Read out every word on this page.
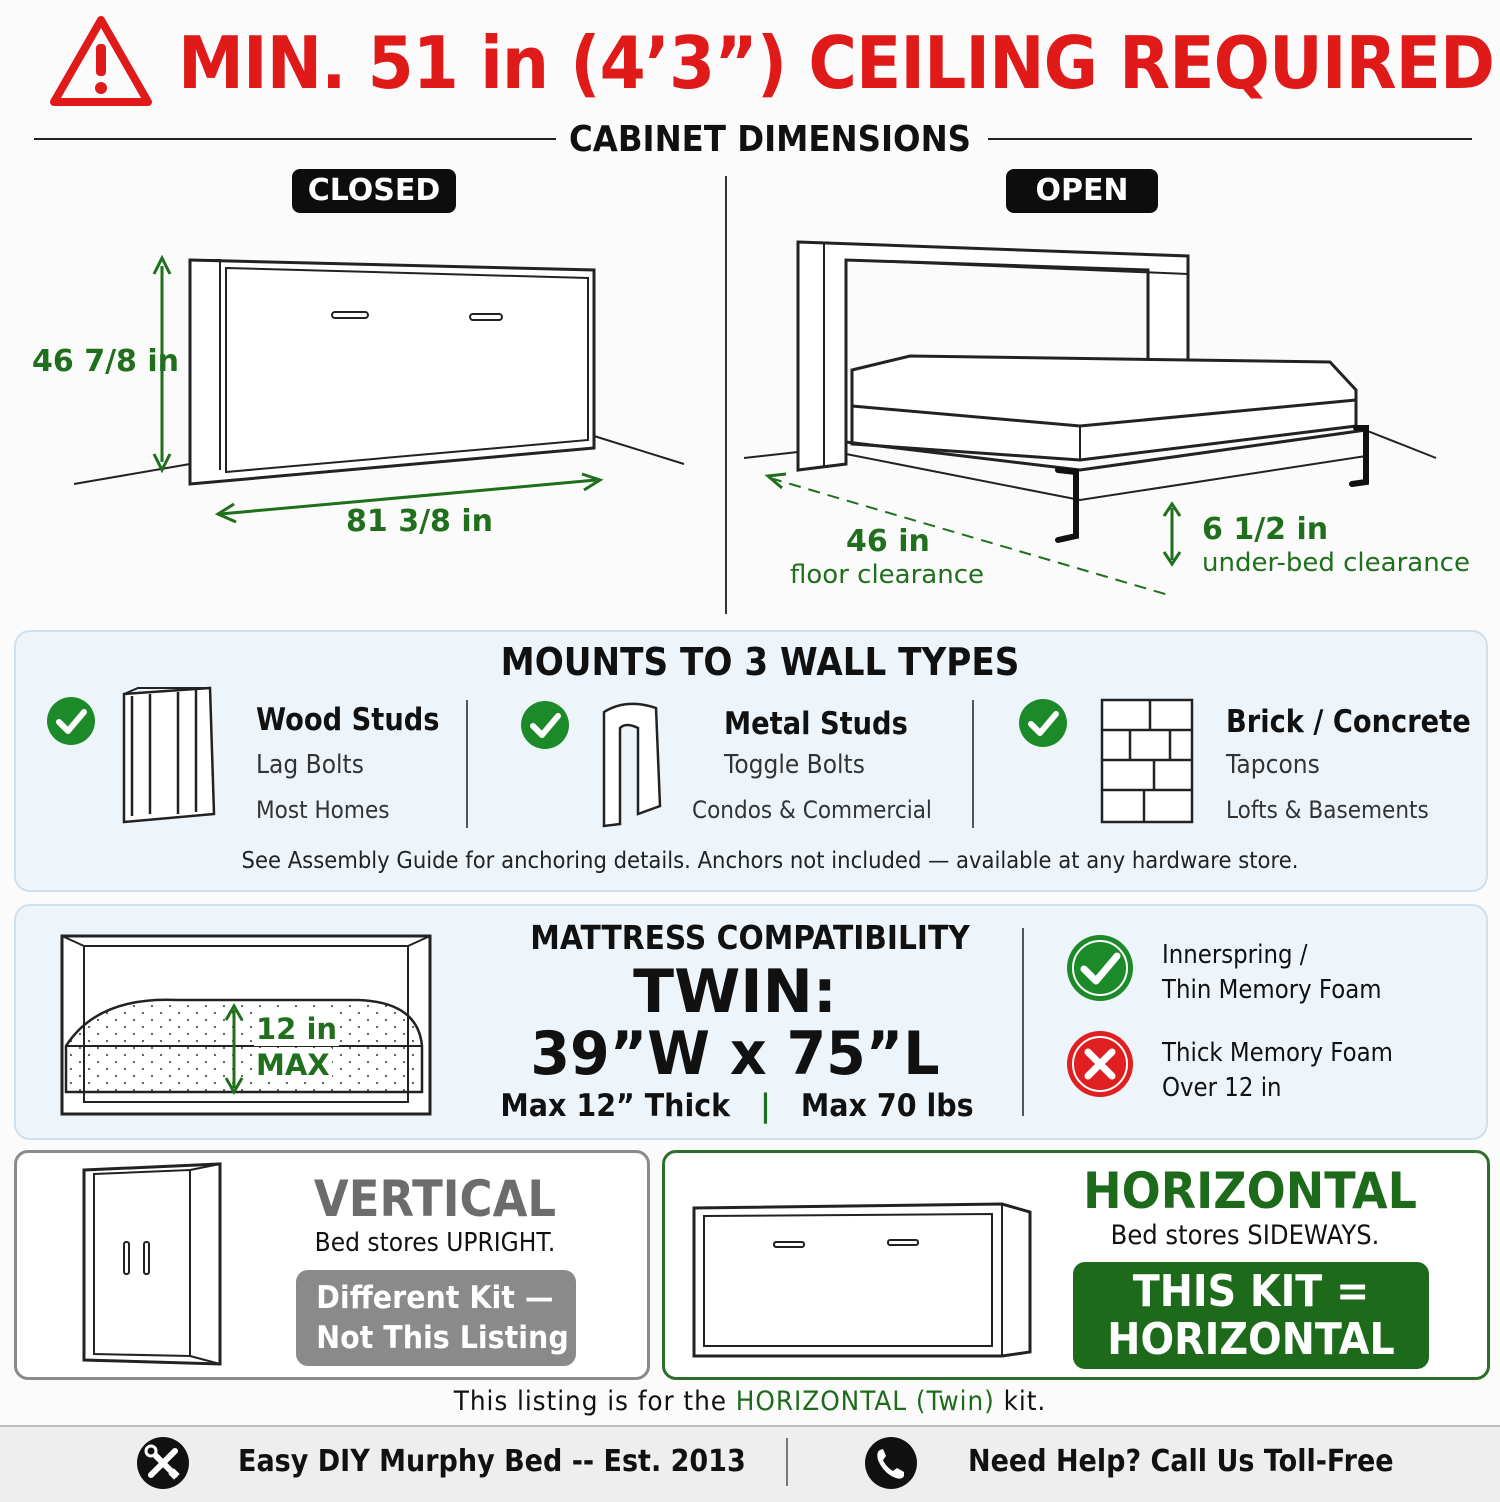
MIN. 51 in (4’3”) CEILING REQUIRED
CABINET DIMENSIONS
CLOSED	OPEN
46 7/8 in
81 3/8 in
46 in
floor clearance
6 1/2 in
under-bed clearance
MOUNTS TO 3 WALL TYPES
Wood Studs
Lag Bolts
Most Homes
Metal Studs
Toggle Bolts
Condos & Commercial
Brick / Concrete
Tapcons
Lofts & Basements
See Assembly Guide for anchoring details. Anchors not included — available at any hardware store.
12 in
MAX
MATTRESS COMPATIBILITY
TWIN:
39”W x 75”L
Max 12” Thick | Max 70 lbs
Innerspring /
Thin Memory Foam
Thick Memory Foam
Over 12 in
VERTICAL
Bed stores UPRIGHT.
Different Kit —
Not This Listing
HORIZONTAL
Bed stores SIDEWAYS.
THIS KIT =
HORIZONTAL
This listing is for the HORIZONTAL (Twin) kit.
Easy DIY Murphy Bed -- Est. 2013	Need Help? Call Us Toll-Free
